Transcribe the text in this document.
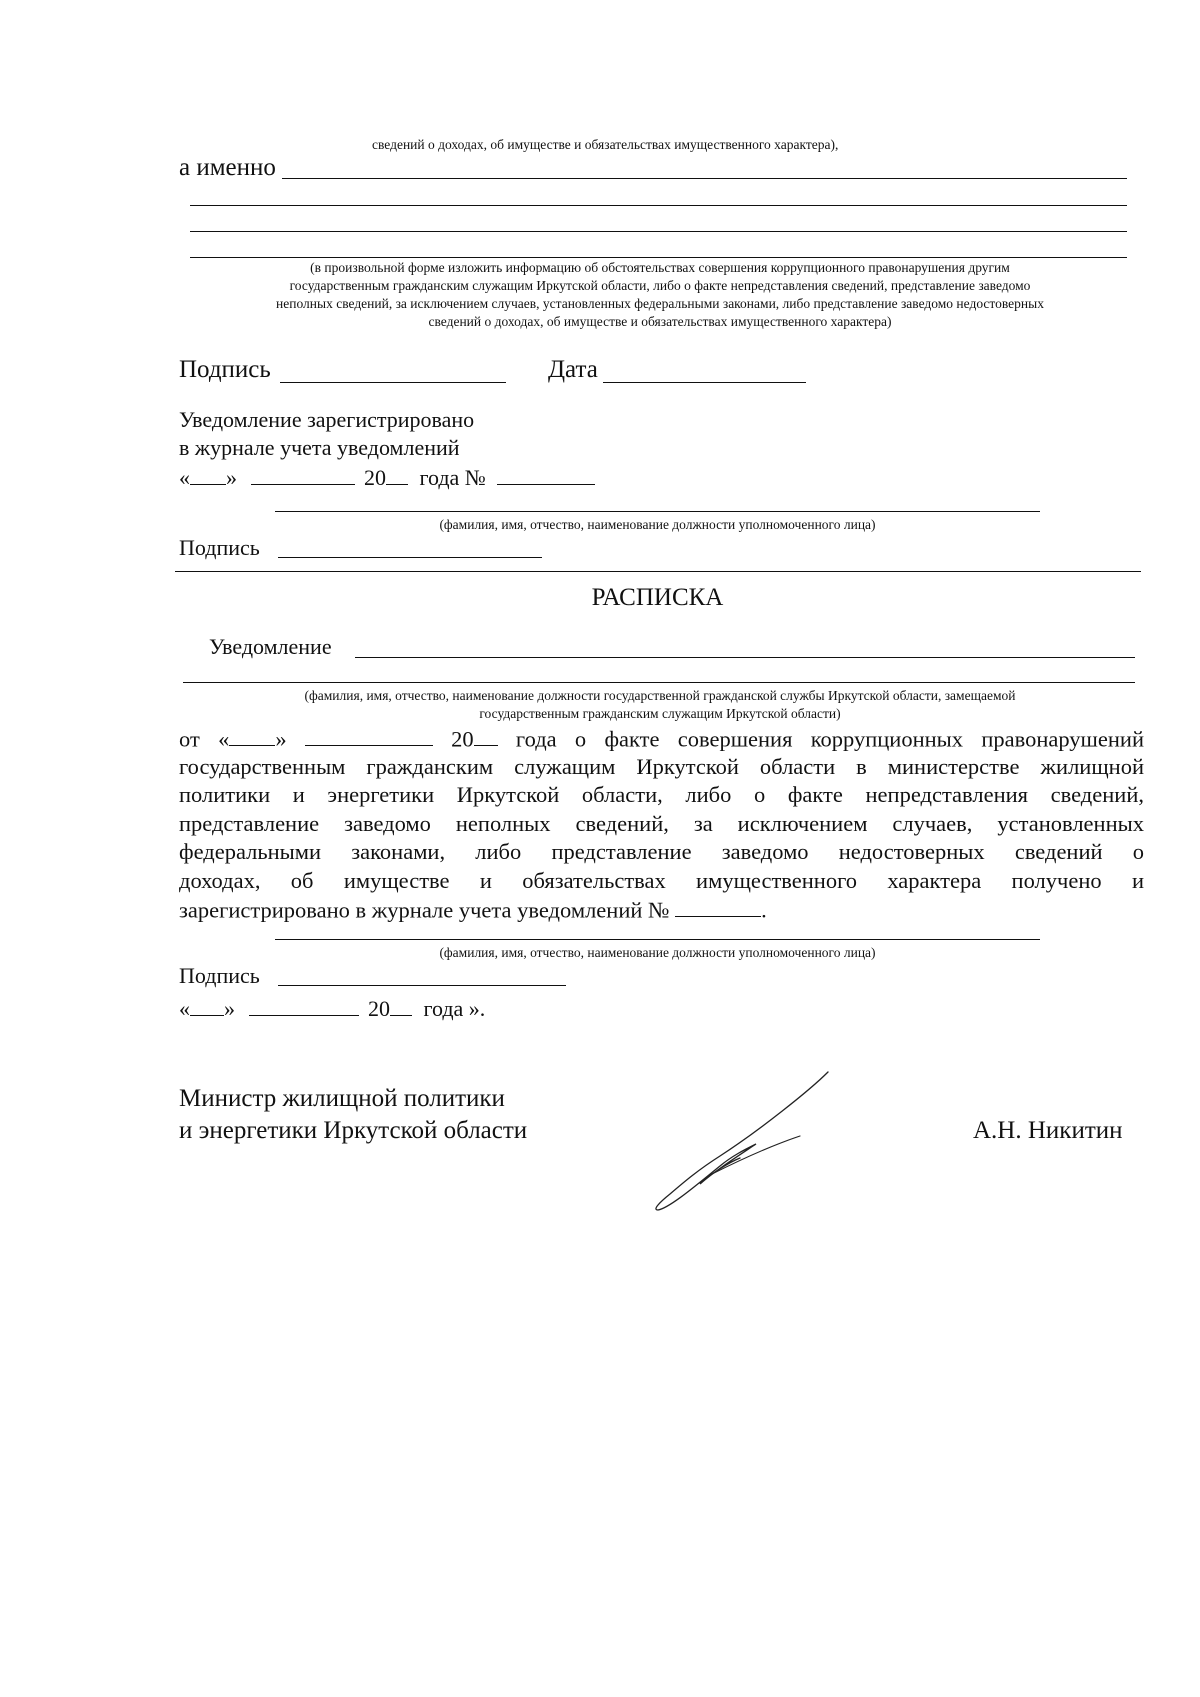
сведений о доходах, об имуществе и обязательствах имущественного характера),
а именно
(в произвольной форме изложить информацию об обстоятельствах совершения коррупционного правонарушения другим
государственным гражданским служащим Иркутской области, либо о факте непредставления сведений, представление заведомо
неполных сведений, за исключением случаев, установленных федеральными законами, либо представление заведомо недостоверных
сведений о доходах, об имуществе и обязательствах имущественного характера)
Подпись	Дата
Уведомление зарегистрировано
в журнале учета уведомлений
« »	20 года №
(фамилия, имя, отчество, наименование должности уполномоченного лица)
Подпись
РАСПИСКА
Уведомление
(фамилия, имя, отчество, наименование должности государственной гражданской службы Иркутской области, замещаемой
государственным гражданским служащим Иркутской области)
от « »	20 года о факте совершения коррупционных правонарушений
государственным гражданским служащим Иркутской области в министерстве жилищной
политики и энергетики Иркутской области, либо о факте непредставления сведений,
представление заведомо неполных сведений, за исключением случаев, установленных
федеральными законами, либо представление заведомо недостоверных сведений о
доходах, об имуществе и обязательствах имущественного характера получено и
зарегистрировано в журнале учета уведомлений №	.
(фамилия, имя, отчество, наименование должности уполномоченного лица)
Подпись
« »	20 года ».
Министр жилищной политики
и энергетики Иркутской области	А.Н. Никитин
